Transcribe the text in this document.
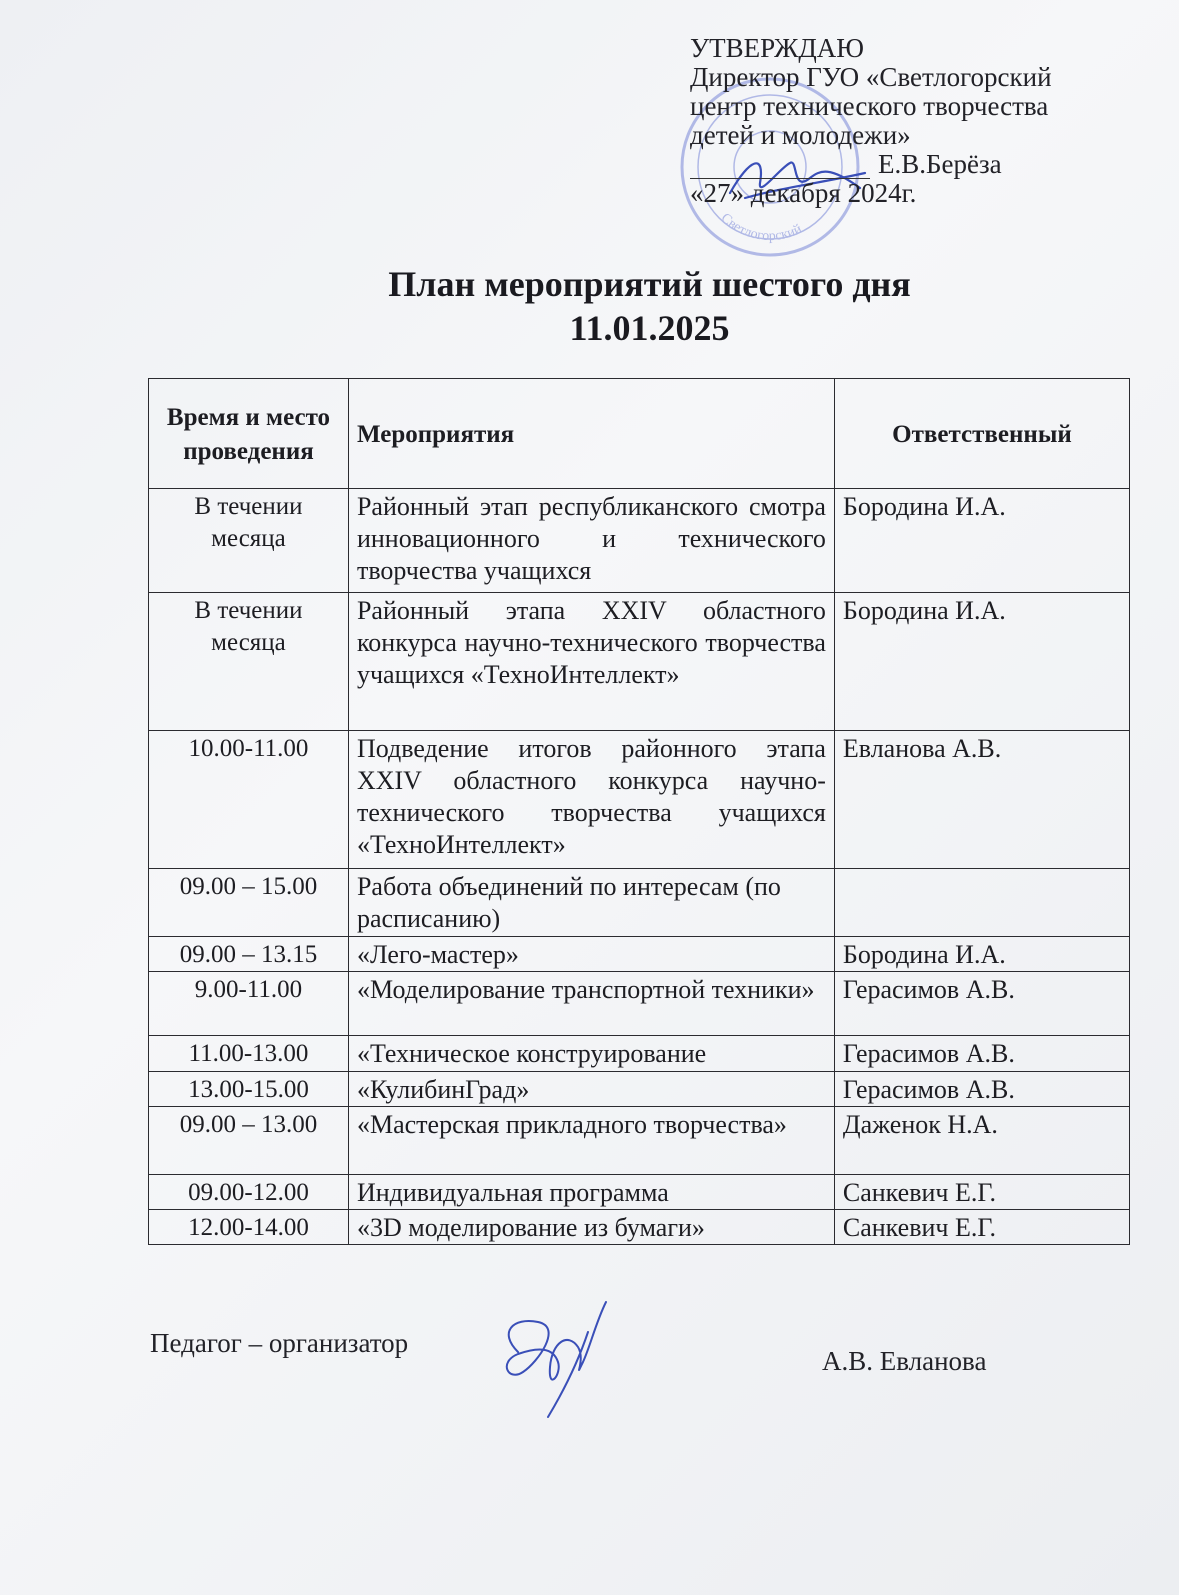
Светлогорский
УТВЕРЖДАЮ
Директор ГУО «Светлогорский
центр технического творчества
детей и молодежи»
Е.В.Берёза
«27» декабря 2024г.
План мероприятий шестого дня
11.01.2025
Время и место проведения	Мероприятия	Ответственный
В течении месяца	Районный этап республиканского смотра инновационного и технического творчества учащихся	Бородина И.А.
В течении месяца	Районный этапа XXIV областного конкурса научно-технического творчества учащихся «ТехноИнтеллект»	Бородина И.А.
10.00-11.00	Подведение итогов районного этапа XXIV областного конкурса научно-технического творчества учащихся «ТехноИнтеллект»	Евланова А.В.
09.00 – 15.00	Работа объединений по интересам (по расписанию)	
09.00 – 13.15	«Лего-мастер»	Бородина И.А.
9.00-11.00	«Моделирование транспортной техники»	Герасимов А.В.
11.00-13.00	«Техническое конструирование	Герасимов А.В.
13.00-15.00	«КулибинГрад»	Герасимов А.В.
09.00 – 13.00	«Мастерская прикладного творчества»	Даженок Н.А.
09.00-12.00	Индивидуальная программа	Санкевич Е.Г.
12.00-14.00	«3D моделирование из бумаги»	Санкевич Е.Г.
Педагог – организатор
А.В. Евланова
